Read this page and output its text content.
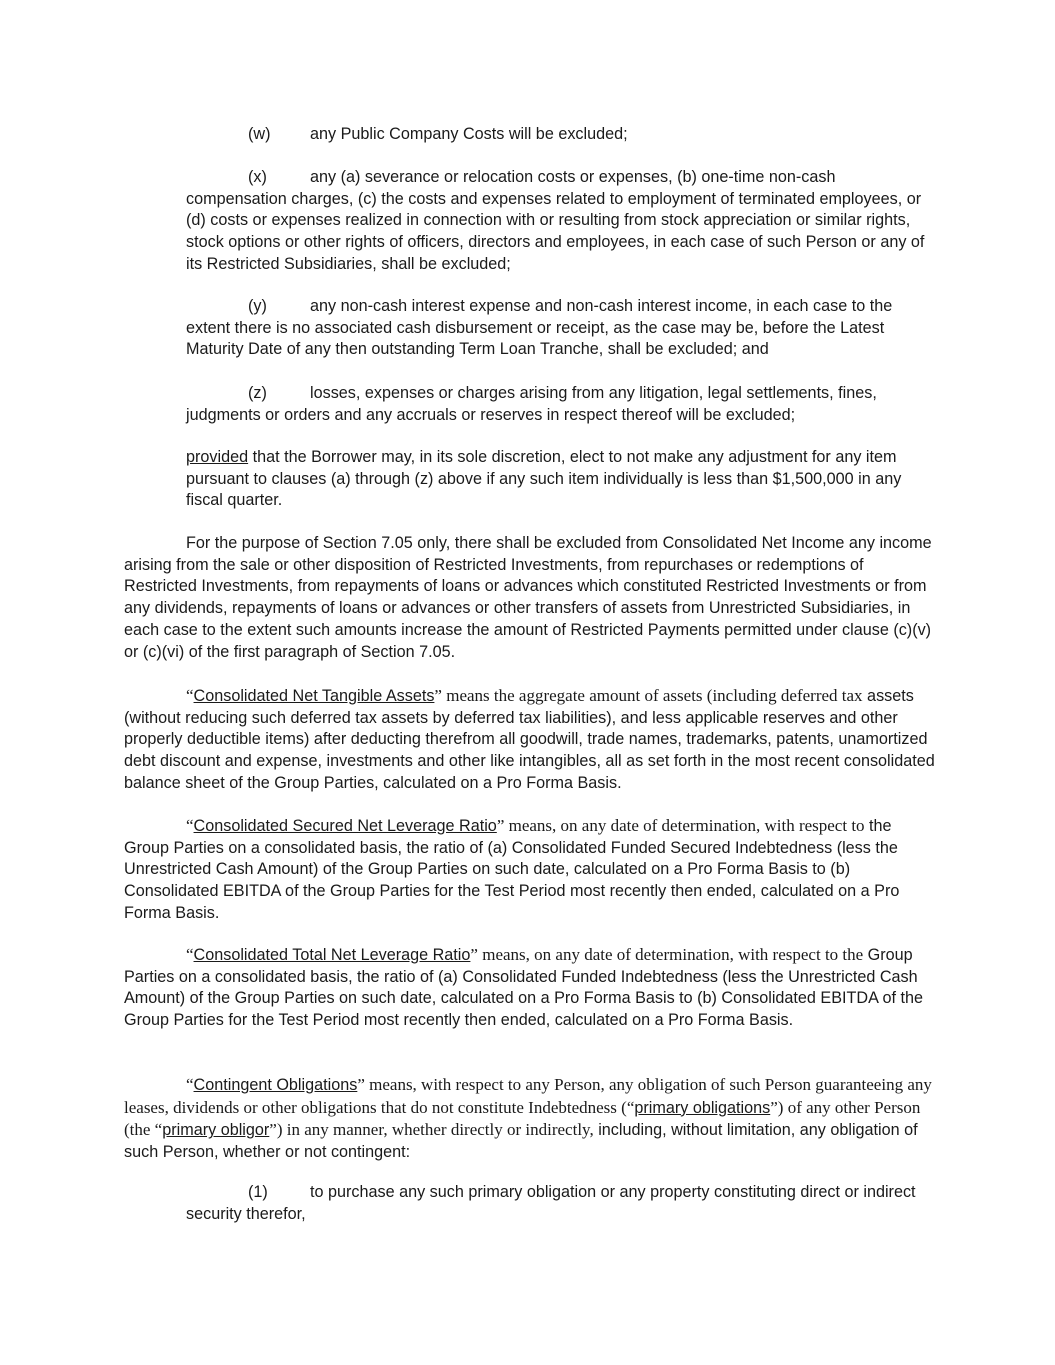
(w) any Public Company Costs will be excluded;

(x)	any (a) severance or relocation costs or expenses, (b) one-time non-cash compensation charges, (c) the costs and expenses related to employment of terminated employees, or (d) costs or expenses realized in connection with or resulting from stock appreciation or similar rights, stock options or other rights of officers, directors and employees, in each case of such Person or any of its Restricted Subsidiaries, shall be excluded;

(y)	any non-cash interest expense and non-cash interest income, in each case to the extent there is no associated cash disbursement or receipt, as the case may be, before the Latest Maturity Date of any then outstanding Term Loan Tranche, shall be excluded; and

(z)	losses, expenses or charges arising from any litigation, legal settlements, fines, judgments or orders and any accruals or reserves in respect thereof will be excluded;

provided that the Borrower may, in its sole discretion, elect to not make any adjustment for any item pursuant to clauses (a) through (z) above if any such item individually is less than $1,500,000 in any fiscal quarter.

For the purpose of Section 7.05 only, there shall be excluded from Consolidated Net Income any income arising from the sale or other disposition of Restricted Investments, from repurchases or redemptions of Restricted Investments, from repayments of loans or advances which constituted Restricted Investments or from any dividends, repayments of loans or advances or other transfers of assets from Unrestricted Subsidiaries, in each case to the extent such amounts increase the amount of Restricted Payments permitted under clause (c)(v) or (c)(vi) of the first paragraph of Section 7.05.

“Consolidated Net Tangible Assets” means the aggregate amount of assets (including deferred tax assets (without reducing such deferred tax assets by deferred tax liabilities), and less applicable reserves and other properly deductible items) after deducting therefrom all goodwill, trade names, trademarks, patents, unamortized debt discount and expense, investments and other like intangibles, all as set forth in the most recent consolidated balance sheet of the Group Parties, calculated on a Pro Forma Basis.

“Consolidated Secured Net Leverage Ratio” means, on any date of determination, with respect to the Group Parties on a consolidated basis, the ratio of (a) Consolidated Funded Secured Indebtedness (less the Unrestricted Cash Amount) of the Group Parties on such date, calculated on a Pro Forma Basis to (b) Consolidated EBITDA of the Group Parties for the Test Period most recently then ended, calculated on a Pro Forma Basis.

“Consolidated Total Net Leverage Ratio” means, on any date of determination, with respect to the Group Parties on a consolidated basis, the ratio of (a) Consolidated Funded Indebtedness (less the Unrestricted Cash Amount) of the Group Parties on such date, calculated on a Pro Forma Basis to (b) Consolidated EBITDA of the Group Parties for the Test Period most recently then ended, calculated on a Pro Forma Basis.

“Contingent Obligations” means, with respect to any Person, any obligation of such Person guaranteeing any leases, dividends or other obligations that do not constitute Indebtedness (“primary obligations”) of any other Person (the “primary obligor”) in any manner, whether directly or indirectly, including, without limitation, any obligation of such Person, whether or not contingent:

(1)	to purchase any such primary obligation or any property constituting direct or indirect security therefor,
